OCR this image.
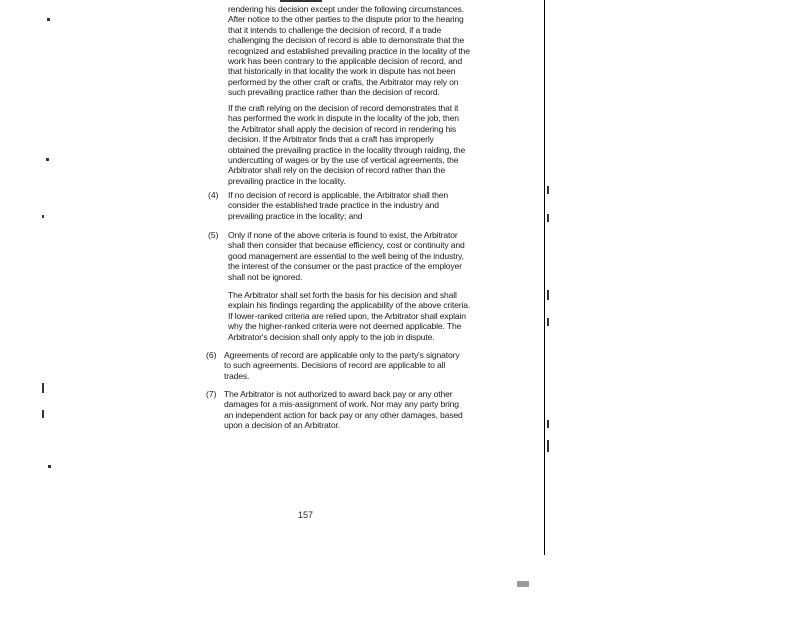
rendering his decision except under the following circumstances.
After notice to the other parties to the dispute prior to the hearing
that it intends to challenge the decision of record, if a trade
challenging the decision of record is able to demonstrate that the
recognized and established prevailing practice in the locality of the
work has been contrary to the applicable decision of record, and
that historically in that locality the work in dispute has not been
performed by the other craft or crafts, the Arbitrator may rely on
such prevailing practice rather than the decision of record.
If the craft relying on the decision of record demonstrates that it
has performed the work in dispute in the locality of the job, then
the Arbitrator shall apply the decision of record in rendering his
decision. If the Arbitrator finds that a craft has improperly
obtained the prevailing practice in the locality through raiding, the
undercutting of wages or by the use of vertical agreements, the
Arbitrator shall rely on the decision of record rather than the
prevailing practice in the locality.
(4) If no decision of record is applicable, the Arbitrator shall then
consider the established trade practice in the industry and
prevailing practice in the locality; and
(5) Only if none of the above criteria is found to exist, the Arbitrator
shall then consider that because efficiency, cost or continuity and
good management are essential to the well being of the industry,
the interest of the consumer or the past practice of the employer
shall not be ignored.
The Arbitrator shall set forth the basis for his decision and shall
explain his findings regarding the applicability of the above criteria.
If lower-ranked criteria are relied upon, the Arbitrator shall explain
why the higher-ranked criteria were not deemed applicable. The
Arbitrator's decision shall only apply to the job in dispute.
(6) Agreements of record are applicable only to the party's signatory
to such agreements. Decisions of record are applicable to all
trades.
(7) The Arbitrator is not authorized to award back pay or any other
damages for a mis-assignment of work. Nor may any party bring
an independent action for back pay or any other damages, based
upon a decision of an Arbitrator.
157
